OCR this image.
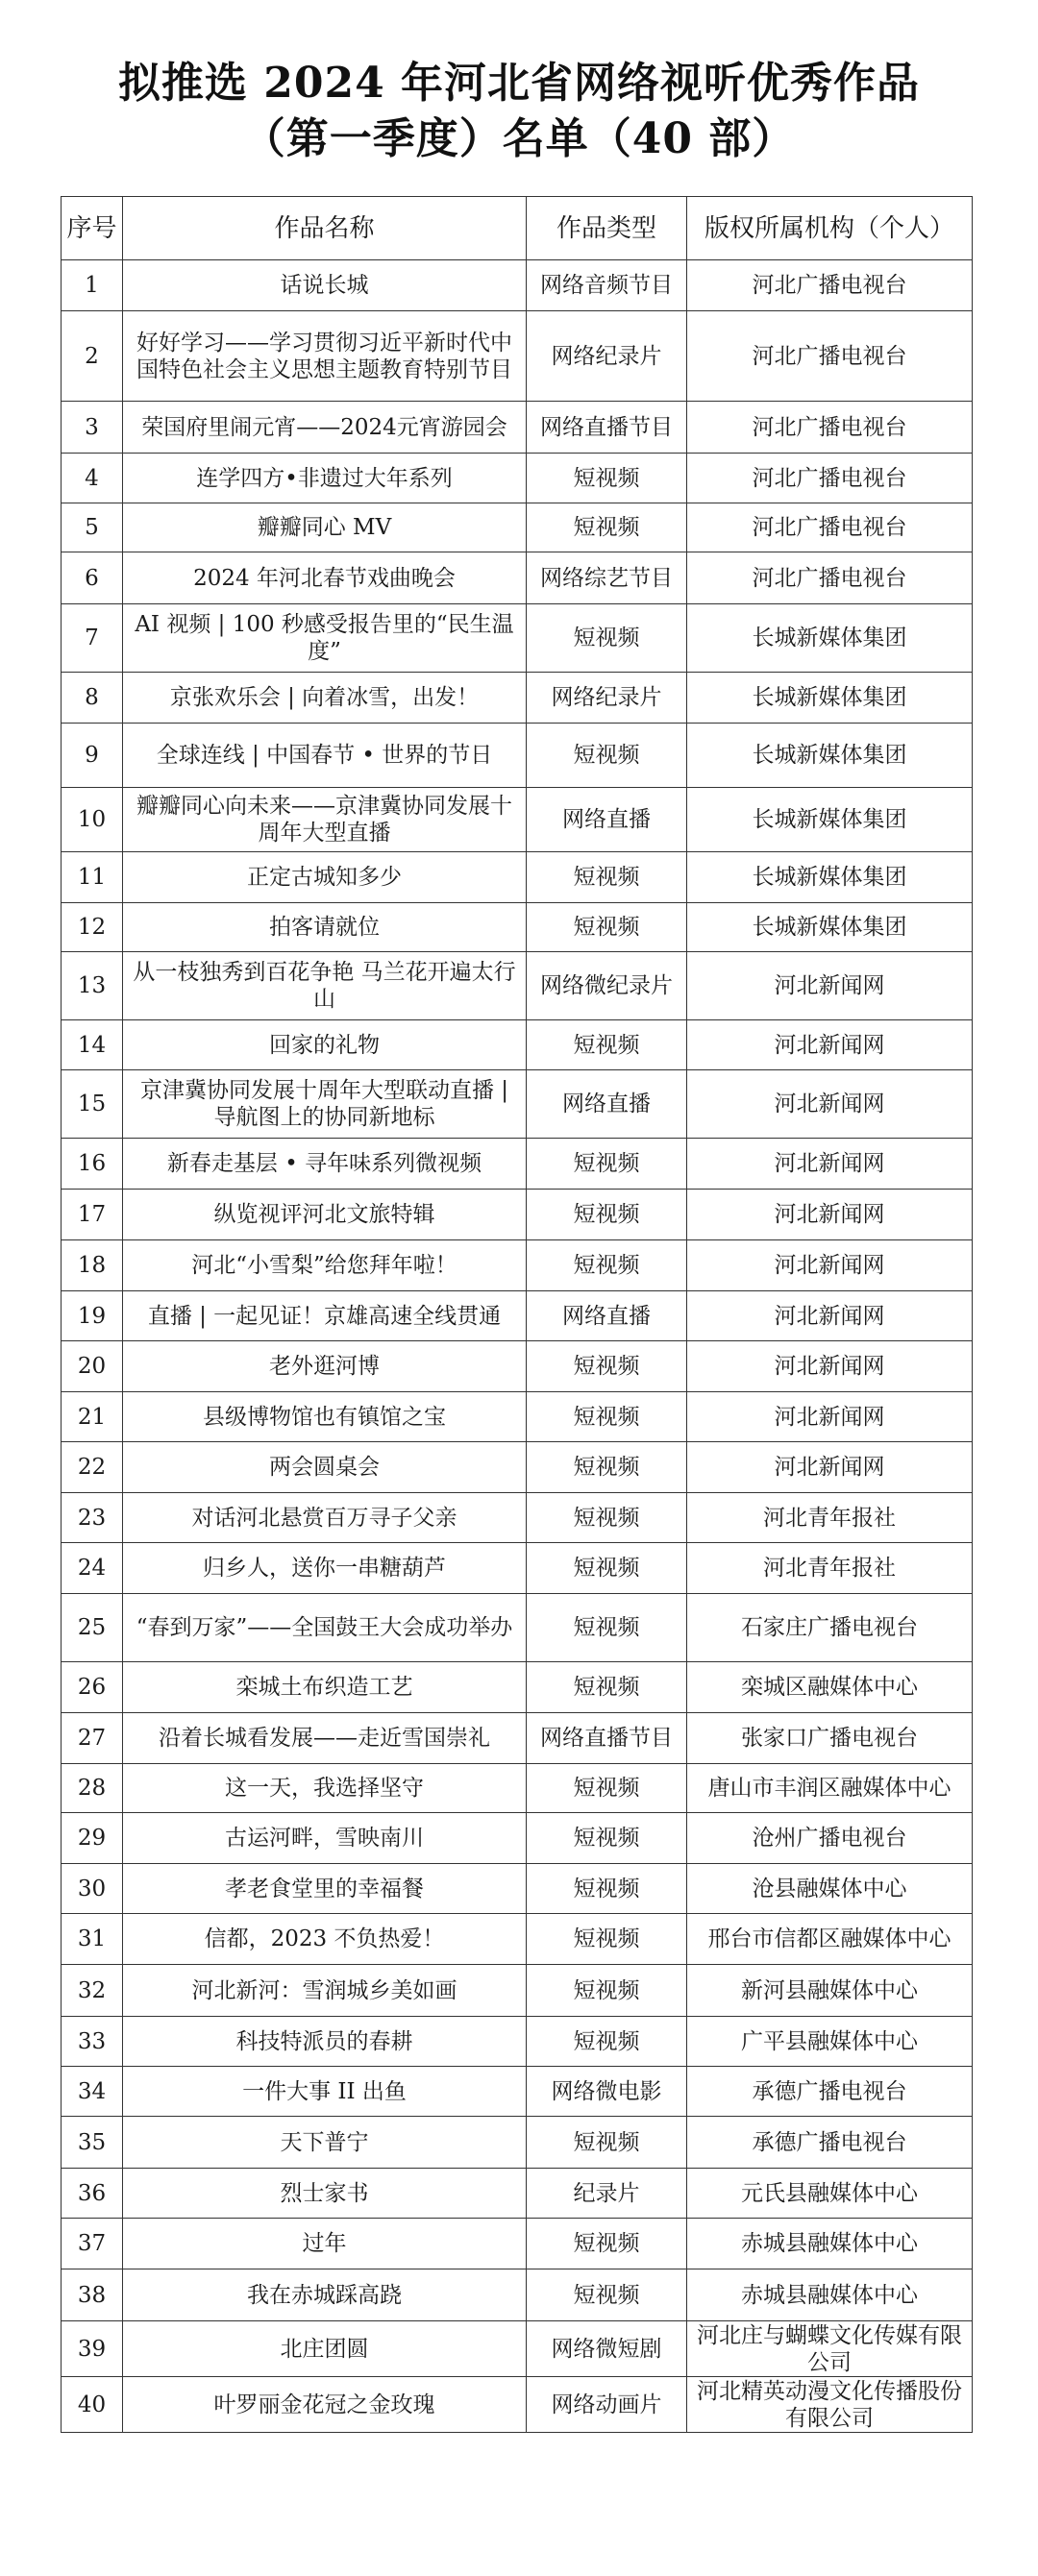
拟推选 2024 年河北省网络视听优秀作品
（第一季度）名单（40 部）
序号	作品名称	作品类型	版权所属机构（个人）
1	话说长城	网络音频节目	河北广播电视台
2	好好学习——学习贯彻习近平新时代中国特色社会主义思想主题教育特别节目	网络纪录片	河北广播电视台
3	荣国府里闹元宵——2024元宵游园会	网络直播节目	河北广播电视台
4	连学四方•非遗过大年系列	短视频	河北广播电视台
5	瓣瓣同心 MV	短视频	河北广播电视台
6	2024 年河北春节戏曲晚会	网络综艺节目	河北广播电视台
7	AI 视频 | 100 秒感受报告里的“民生温度”	短视频	长城新媒体集团
8	京张欢乐会 | 向着冰雪，出发！	网络纪录片	长城新媒体集团
9	全球连线 | 中国春节 • 世界的节日	短视频	长城新媒体集团
10	瓣瓣同心向未来——京津冀协同发展十周年大型直播	网络直播	长城新媒体集团
11	正定古城知多少	短视频	长城新媒体集团
12	拍客请就位	短视频	长城新媒体集团
13	从一枝独秀到百花争艳 马兰花开遍太行山	网络微纪录片	河北新闻网
14	回家的礼物	短视频	河北新闻网
15	京津冀协同发展十周年大型联动直播 | 导航图上的协同新地标	网络直播	河北新闻网
16	新春走基层 • 寻年味系列微视频	短视频	河北新闻网
17	纵览视评河北文旅特辑	短视频	河北新闻网
18	河北“小雪梨”给您拜年啦！	短视频	河北新闻网
19	直播 | 一起见证！京雄高速全线贯通	网络直播	河北新闻网
20	老外逛河博	短视频	河北新闻网
21	县级博物馆也有镇馆之宝	短视频	河北新闻网
22	两会圆桌会	短视频	河北新闻网
23	对话河北悬赏百万寻子父亲	短视频	河北青年报社
24	归乡人，送你一串糖葫芦	短视频	河北青年报社
25	“春到万家”——全国鼓王大会成功举办	短视频	石家庄广播电视台
26	栾城土布织造工艺	短视频	栾城区融媒体中心
27	沿着长城看发展——走近雪国崇礼	网络直播节目	张家口广播电视台
28	这一天，我选择坚守	短视频	唐山市丰润区融媒体中心
29	古运河畔，雪映南川	短视频	沧州广播电视台
30	孝老食堂里的幸福餐	短视频	沧县融媒体中心
31	信都，2023 不负热爱！	短视频	邢台市信都区融媒体中心
32	河北新河：雪润城乡美如画	短视频	新河县融媒体中心
33	科技特派员的春耕	短视频	广平县融媒体中心
34	一件大事 II 出鱼	网络微电影	承德广播电视台
35	天下普宁	短视频	承德广播电视台
36	烈士家书	纪录片	元氏县融媒体中心
37	过年	短视频	赤城县融媒体中心
38	我在赤城踩高跷	短视频	赤城县融媒体中心
39	北庄团圆	网络微短剧	河北庄与蝴蝶文化传媒有限公司
40	叶罗丽金花冠之金玫瑰	网络动画片	河北精英动漫文化传播股份有限公司
